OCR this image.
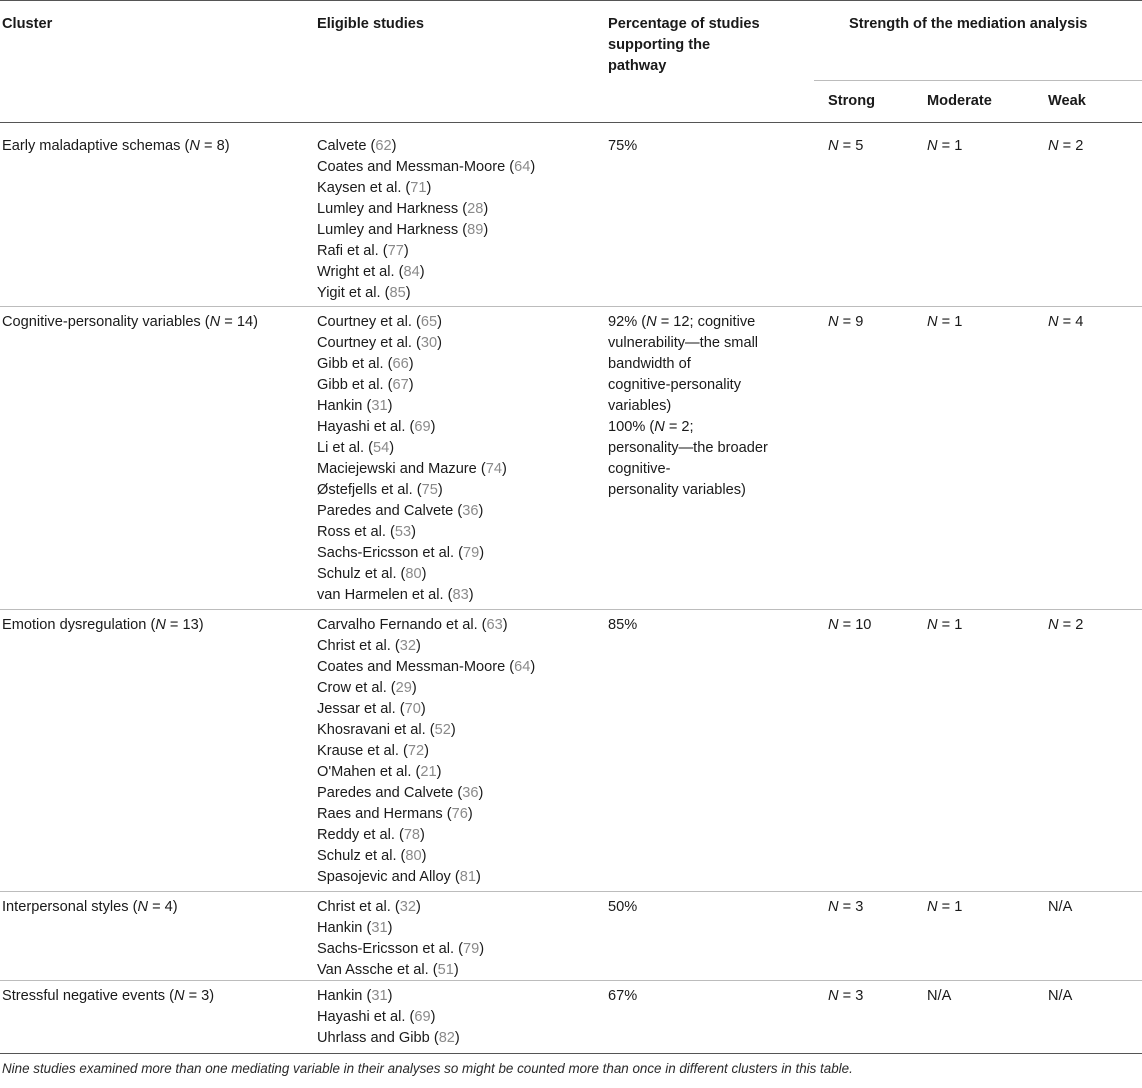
Cluster	Eligible studies	Percentage of studies
supporting the
pathway
Strength of the mediation analysis
Strong	Moderate	Weak
Early maladaptive schemas (N = 8)	Calvete (62)
Coates and Messman-Moore (64)
Kaysen et al. (71)
Lumley and Harkness (28)
Lumley and Harkness (89)
Rafi et al. (77)
Wright et al. (84)
Yigit et al. (85)
75%	N = 5	N = 1	N = 2
Cognitive-personality variables (N = 14)	Courtney et al. (65)
Courtney et al. (30)
Gibb et al. (66)
Gibb et al. (67)
Hankin (31)
Hayashi et al. (69)
Li et al. (54)
Maciejewski and Mazure (74)
Østefjells et al. (75)
Paredes and Calvete (36)
Ross et al. (53)
Sachs-Ericsson et al. (79)
Schulz et al. (80)
van Harmelen et al. (83)
92% (N = 12; cognitive
vulnerability—the small
bandwidth of
cognitive-personality
variables)
100% (N = 2;
personality—the broader
cognitive-
personality variables)
N = 9	N = 1	N = 4
Emotion dysregulation (N = 13)	Carvalho Fernando et al. (63)
Christ et al. (32)
Coates and Messman-Moore (64)
Crow et al. (29)
Jessar et al. (70)
Khosravani et al. (52)
Krause et al. (72)
O'Mahen et al. (21)
Paredes and Calvete (36)
Raes and Hermans (76)
Reddy et al. (78)
Schulz et al. (80)
Spasojevic and Alloy (81)
85%	N = 10	N = 1	N = 2
Interpersonal styles (N = 4)	Christ et al. (32)
Hankin (31)
Sachs-Ericsson et al. (79)
Van Assche et al. (51)
50%	N = 3	N = 1	N/A
Stressful negative events (N = 3)	Hankin (31)
Hayashi et al. (69)
Uhrlass and Gibb (82)
67%	N = 3	N/A	N/A
Nine studies examined more than one mediating variable in their analyses so might be counted more than once in different clusters in this table.
